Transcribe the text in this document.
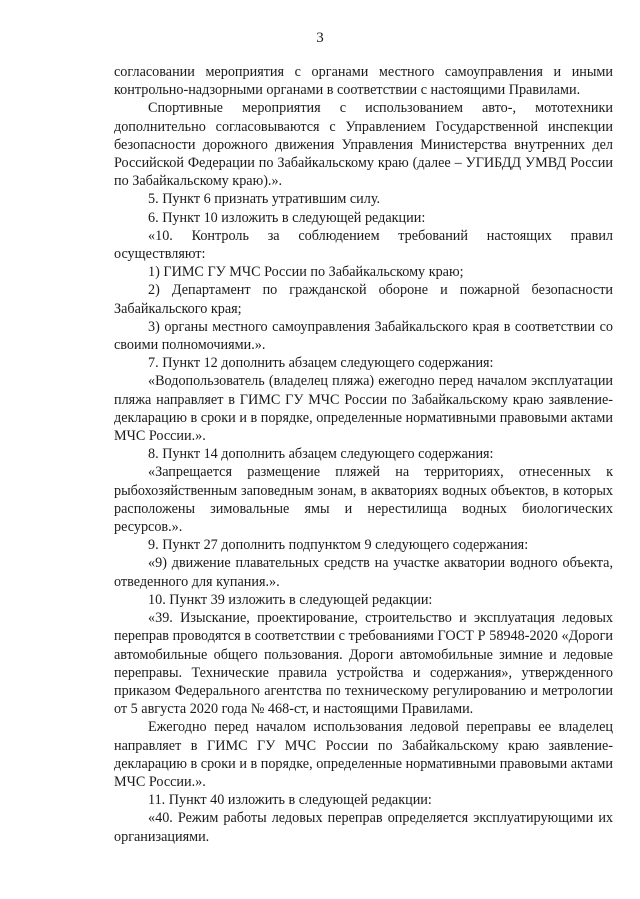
3

согласовании мероприятия с органами местного самоуправления и иными контрольно-надзорными органами в соответствии с настоящими Правилами.

Спортивные мероприятия с использованием авто-, мототехники дополнительно согласовываются с Управлением Государственной инспекции безопасности дорожного движения Управления Министерства внутренних дел Российской Федерации по Забайкальскому краю (далее – УГИБДД УМВД России по Забайкальскому краю).».

5. Пункт 6 признать утратившим силу.

6. Пункт 10 изложить в следующей редакции:

«10. Контроль за соблюдением требований настоящих правил осуществляют:

1) ГИМС ГУ МЧС России по Забайкальскому краю;

2) Департамент по гражданской обороне и пожарной безопасности Забайкальского края;

3) органы местного самоуправления Забайкальского края в соответствии со своими полномочиями.».

7. Пункт 12 дополнить абзацем следующего содержания:

«Водопользователь (владелец пляжа) ежегодно перед началом эксплуатации пляжа направляет в ГИМС ГУ МЧС России по Забайкальскому краю заявление-декларацию в сроки и в порядке, определенные нормативными правовыми актами МЧС России.».

8. Пункт 14 дополнить абзацем следующего содержания:

«Запрещается размещение пляжей на территориях, отнесенных к рыбохозяйственным заповедным зонам, в акваториях водных объектов, в которых расположены зимовальные ямы и нерестилища водных биологических ресурсов.».

9. Пункт 27 дополнить подпунктом 9 следующего содержания:

«9) движение плавательных средств на участке акватории водного объекта, отведенного для купания.».

10. Пункт 39 изложить в следующей редакции:

«39. Изыскание, проектирование, строительство и эксплуатация ледовых переправ проводятся в соответствии с требованиями ГОСТ Р 58948-2020 «Дороги автомобильные общего пользования. Дороги автомобильные зимние и ледовые переправы. Технические правила устройства и содержания», утвержденного приказом Федерального агентства по техническому регулированию и метрологии от 5 августа 2020 года № 468-ст, и настоящими Правилами.

Ежегодно перед началом использования ледовой переправы ее владелец направляет в ГИМС ГУ МЧС России по Забайкальскому краю заявление-декларацию в сроки и в порядке, определенные нормативными правовыми актами МЧС России.».

11. Пункт 40 изложить в следующей редакции:

«40. Режим работы ледовых переправ определяется эксплуатирующими их организациями.
